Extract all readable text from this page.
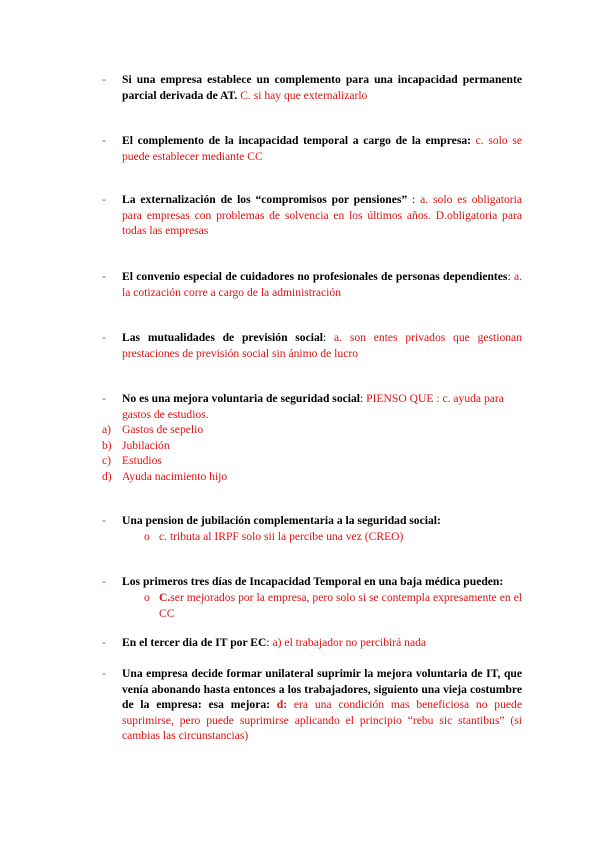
- Si una empresa establece un complemento para una incapacidad permanente parcial derivada de AT. C. si hay que externalizarlo
- El complemento de la incapacidad temporal a cargo de la empresa: c. solo se puede establecer mediante CC
- La externalización de los “compromisos por pensiones” : a. solo es obligatoria para empresas con problemas de solvencia en los últimos años. D.obligatoria para todas las empresas
- El convenio especial de cuidadores no profesionales de personas dependientes: a. la cotización corre a cargo de la administración
- Las mutualidades de previsión social: a. son entes privados que gestionan prestaciones de previsión social sin ánimo de lucro
- No es una mejora voluntaria de seguridad social: PIENSO QUE : c. ayuda para
gastos de estudios.
a) Gastos de sepelio
b) Jubilación
c) Estudios
d) Ayuda nacimiento hijo
- Una pension de jubilación complementaria a la seguridad social:
o c. tributa al IRPF solo sii la percibe una vez (CREO)
- Los primeros tres días de Incapacidad Temporal en una baja médica pueden:
o C.ser mejorados por la empresa, pero solo si se contempla expresamente en el CC
- En el tercer dia de IT por EC: a) el trabajador no percibirá nada
- Una empresa decide formar unilateral suprimir la mejora voluntaria de IT, que venía abonando hasta entonces a los trabajadores, siguiento una vieja costumbre de la empresa: esa mejora: d: era una condición mas beneficiosa no puede suprimirse, pero puede suprimirse aplicando el principio “rebu sic stantibus” (si cambias las circunstancias)
